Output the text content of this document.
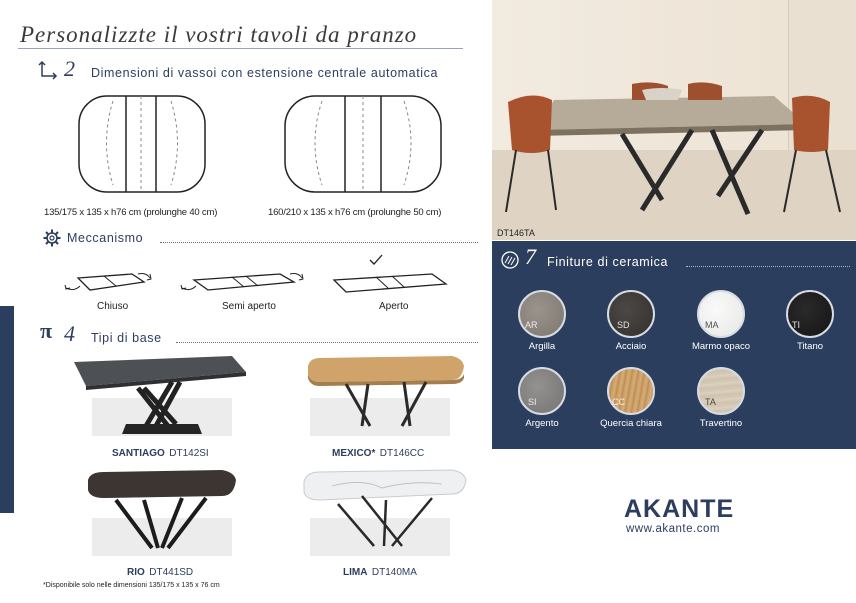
Personalizzte il vostri tavoli da pranzo
2 Dimensioni di vassoi con estensione centrale automatica
135/175 x 135 x h76 cm (prolunghe 40 cm)	160/210 x 135 x h76 cm (prolunghe 50 cm)
Meccanismo
Chiuso	Semi aperto	Aperto
π 4 Tipi di base
SANTIAGO DT142SI	MEXICO* DT146CC
RIO DT441SD	LIMA DT140MA
*Disponibile solo nelle dimensioni 135/175 x 135 x 76 cm
DT146TA
7 Finiture di ceramica
AR
Argilla
SD
Acciaio
MA
Marmo opaco
TI
Titano
SI
Argento
CC
Quercia chiara
TA
Travertino
AKANTE
www.akante.com
